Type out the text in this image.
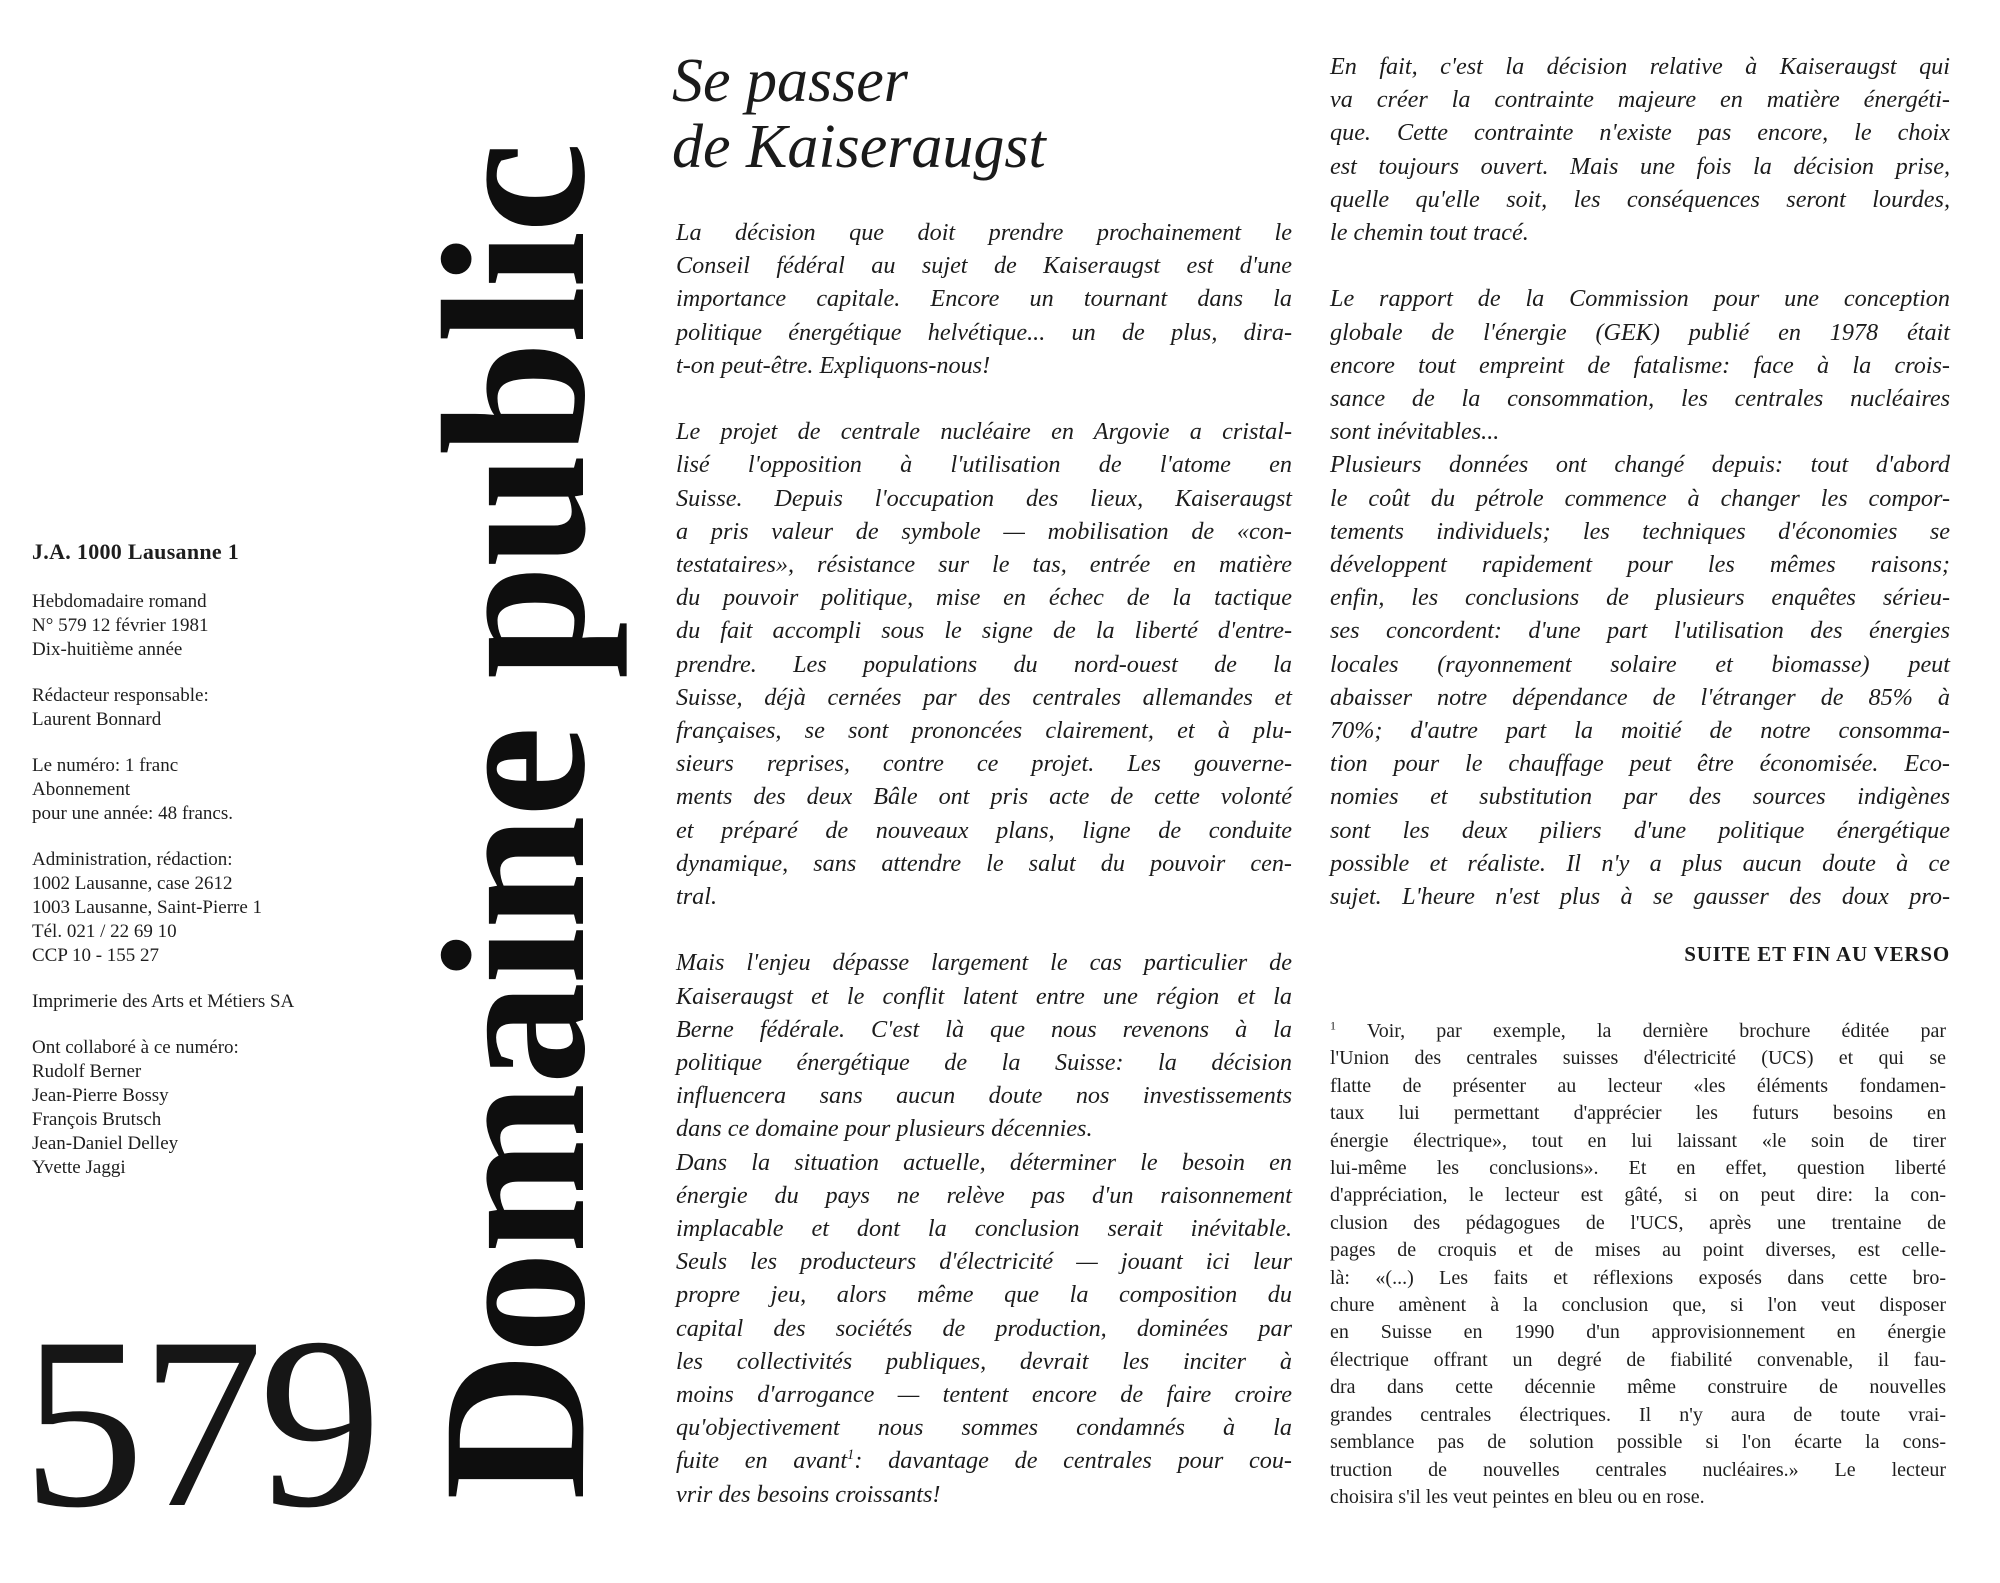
J.A. 1000 Lausanne 1
Hebdomadaire romand
N° 579 12 février 1981
Dix-huitième année
Rédacteur responsable:
Laurent Bonnard
Le numéro: 1 franc
Abonnement
pour une année: 48 francs.
Administration, rédaction:
1002 Lausanne, case 2612
1003 Lausanne, Saint-Pierre 1
Tél. 021 / 22 69 10
CCP 10 - 155 27
Imprimerie des Arts et Métiers SA
Ont collaboré à ce numéro:
Rudolf Berner
Jean-Pierre Bossy
François Brutsch
Jean-Daniel Delley
Yvette Jaggi
579 Domaine public
Se passer
de Kaiseraugst
La décision que doit prendre prochainement le
Conseil fédéral au sujet de Kaiseraugst est d'une
importance capitale. Encore un tournant dans la
politique énergétique helvétique... un de plus, dira-
t-on peut-être. Expliquons-nous!
Le projet de centrale nucléaire en Argovie a cristal-
lisé l'opposition à l'utilisation de l'atome en
Suisse. Depuis l'occupation des lieux, Kaiseraugst
a pris valeur de symbole — mobilisation de «con-
testataires», résistance sur le tas, entrée en matière
du pouvoir politique, mise en échec de la tactique
du fait accompli sous le signe de la liberté d'entre-
prendre. Les populations du nord-ouest de la
Suisse, déjà cernées par des centrales allemandes et
françaises, se sont prononcées clairement, et à plu-
sieurs reprises, contre ce projet. Les gouverne-
ments des deux Bâle ont pris acte de cette volonté
et préparé de nouveaux plans, ligne de conduite
dynamique, sans attendre le salut du pouvoir cen-
tral.
Mais l'enjeu dépasse largement le cas particulier de
Kaiseraugst et le conflit latent entre une région et la
Berne fédérale. C'est là que nous revenons à la
politique énergétique de la Suisse: la décision
influencera sans aucun doute nos investissements
dans ce domaine pour plusieurs décennies.
Dans la situation actuelle, déterminer le besoin en
énergie du pays ne relève pas d'un raisonnement
implacable et dont la conclusion serait inévitable.
Seuls les producteurs d'électricité — jouant ici leur
propre jeu, alors même que la composition du
capital des sociétés de production, dominées par
les collectivités publiques, devrait les inciter à
moins d'arrogance — tentent encore de faire croire
qu'objectivement nous sommes condamnés à la
fuite en avant$^1$: davantage de centrales pour cou-
vrir des besoins croissants!
En fait, c'est la décision relative à Kaiseraugst qui
va créer la contrainte majeure en matière énergéti-
que. Cette contrainte n'existe pas encore, le choix
est toujours ouvert. Mais une fois la décision prise,
quelle qu'elle soit, les conséquences seront lourdes,
le chemin tout tracé.
Le rapport de la Commission pour une conception
globale de l'énergie (GEK) publié en 1978 était
encore tout empreint de fatalisme: face à la crois-
sance de la consommation, les centrales nucléaires
sont inévitables...
Plusieurs données ont changé depuis: tout d'abord
le coût du pétrole commence à changer les compor-
tements individuels; les techniques d'économies se
développent rapidement pour les mêmes raisons;
enfin, les conclusions de plusieurs enquêtes sérieu-
ses concordent: d'une part l'utilisation des énergies
locales (rayonnement solaire et biomasse) peut
abaisser notre dépendance de l'étranger de 85% à
70%; d'autre part la moitié de notre consomma-
tion pour le chauffage peut être économisée. Eco-
nomies et substitution par des sources indigènes
sont les deux piliers d'une politique énergétique
possible et réaliste. Il n'y a plus aucun doute à ce
sujet. L'heure n'est plus à se gausser des doux pro-
SUITE ET FIN AU VERSO
$^1$ Voir, par exemple, la dernière brochure éditée par
l'Union des centrales suisses d'électricité (UCS) et qui se
flatte de présenter au lecteur «les éléments fondamen-
taux lui permettant d'apprécier les futurs besoins en
énergie électrique», tout en lui laissant «le soin de tirer
lui-même les conclusions». Et en effet, question liberté
d'appréciation, le lecteur est gâté, si on peut dire: la con-
clusion des pédagogues de l'UCS, après une trentaine de
pages de croquis et de mises au point diverses, est celle-
là: «(...) Les faits et réflexions exposés dans cette bro-
chure amènent à la conclusion que, si l'on veut disposer
en Suisse en 1990 d'un approvisionnement en énergie
électrique offrant un degré de fiabilité convenable, il fau-
dra dans cette décennie même construire de nouvelles
grandes centrales électriques. Il n'y aura de toute vrai-
semblance pas de solution possible si l'on écarte la cons-
truction de nouvelles centrales nucléaires.» Le lecteur
choisira s'il les veut peintes en bleu ou en rose.
